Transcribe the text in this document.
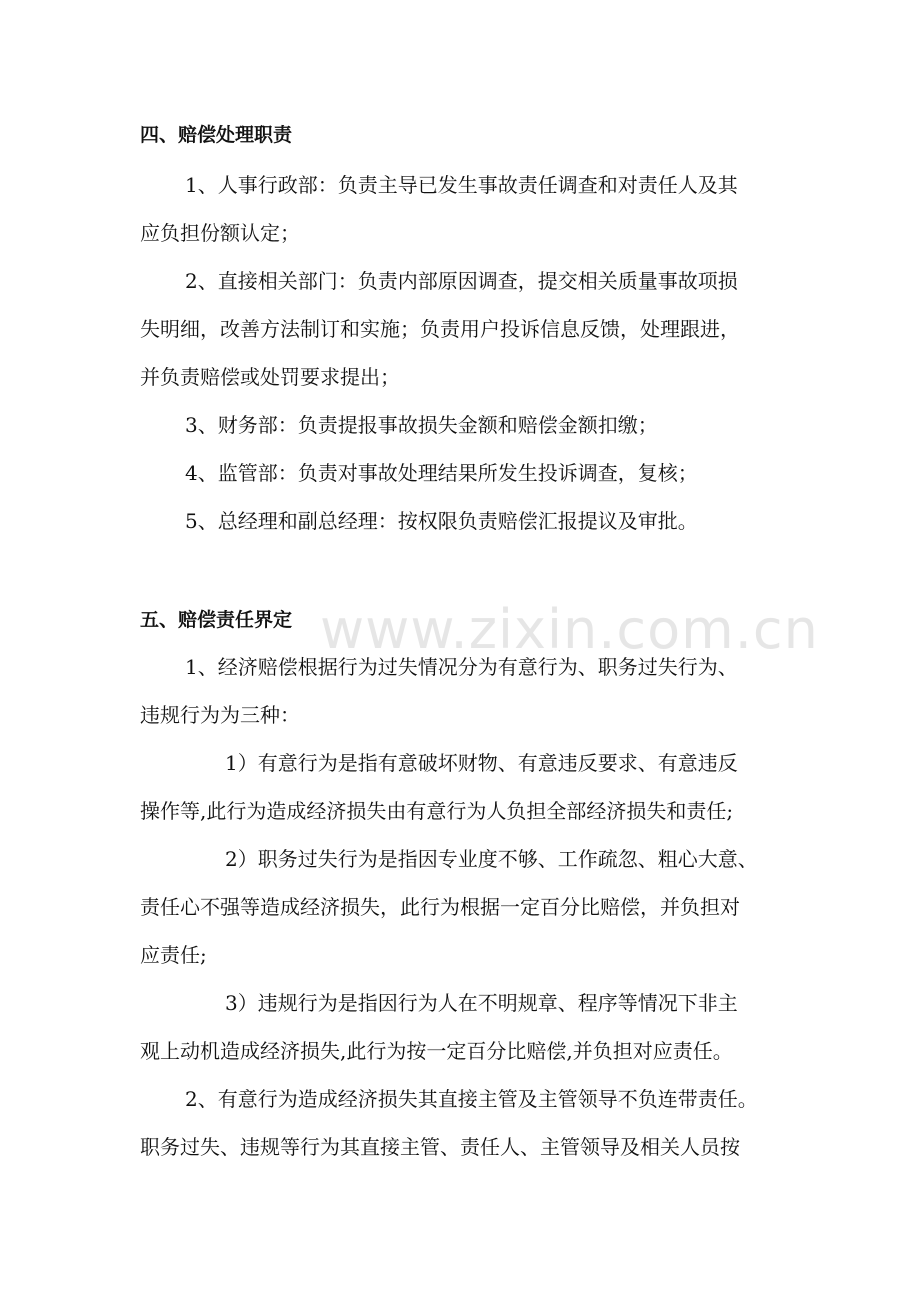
www.zixin.com.cn
四、赔偿处理职责
1、人事行政部：负责主导已发生事故责任调查和对责任人及其
应负担份额认定；
2、直接相关部门：负责内部原因调查，提交相关质量事故项损
失明细，改善方法制订和实施；负责用户投诉信息反馈，处理跟进，
并负责赔偿或处罚要求提出；
3、财务部：负责提报事故损失金额和赔偿金额扣缴；
4、监管部：负责对事故处理结果所发生投诉调查，复核；
5、总经理和副总经理：按权限负责赔偿汇报提议及审批。
五、赔偿责任界定
1、经济赔偿根据行为过失情况分为有意行为、职务过失行为、
违规行为为三种：
1）有意行为是指有意破坏财物、有意违反要求、有意违反
操作等,此行为造成经济损失由有意行为人负担全部经济损失和责任;
2）职务过失行为是指因专业度不够、工作疏忽、粗心大意、
责任心不强等造成经济损失，此行为根据一定百分比赔偿，并负担对
应责任;
3）违规行为是指因行为人在不明规章、程序等情况下非主
观上动机造成经济损失,此行为按一定百分比赔偿,并负担对应责任。
2、有意行为造成经济损失其直接主管及主管领导不负连带责任。
职务过失、违规等行为其直接主管、责任人、主管领导及相关人员按
